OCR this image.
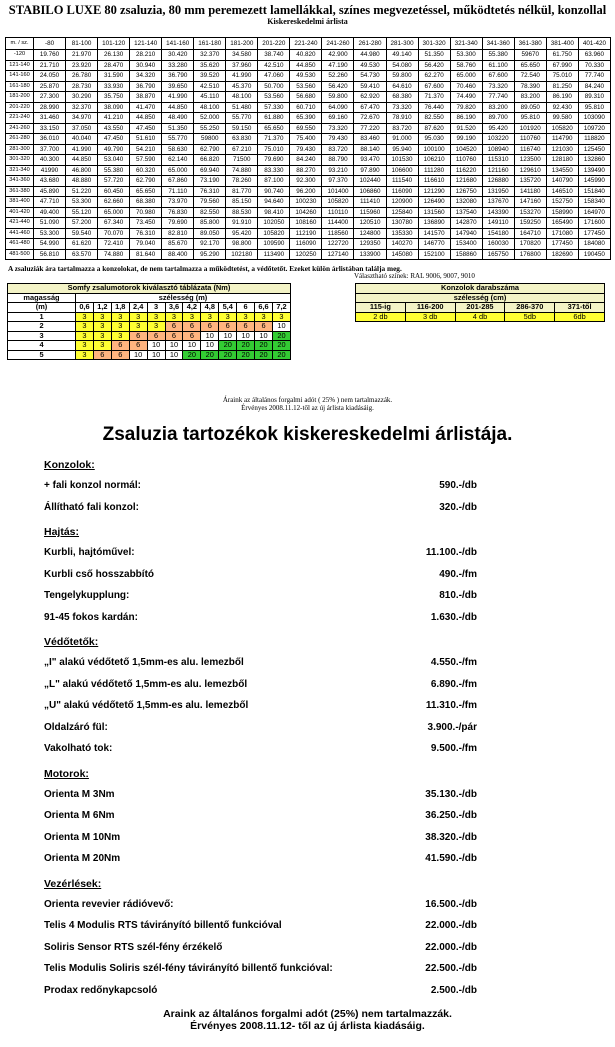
STABILO LUXE 80 zsaluzia, 80 mm peremezett lamellákkal, színes megvezetéssel, működtetés nélkül, konzollal
Kiskereskedelmi árlista
m. / sz.	-80	81-100	101-120	121-140	141-160	161-180	181-200	201-220	221-240	241-260	261-280	281-300	301-320	321-340	341-360	361-380	381-400	401-420
-120	19.760	21.970	26.130	28.210	30.420	32.370	34.580	38.740	40.820	42.900	44.980	49.140	51.350	53.300	55.380	59670	61.750	63.960
121-140	21.710	23.920	28.470	30.940	33.280	35.620	37.960	42.510	44.850	47.190	49.530	54.080	56.420	58.760	61.100	65.650	67.990	70.330
141-160	24.050	26.780	31.590	34.320	36.790	39.520	41.990	47.060	49.530	52.260	54.730	59.800	62.270	65.000	67.600	72.540	75.010	77.740
161-180	25.870	28.730	33.930	36.790	39.650	42.510	45.370	50.700	53.560	56.420	59.410	64.610	67.600	70.460	73.320	78.390	81.250	84.240
181-200	27.300	30.290	35.750	38.870	41.990	45.110	48.100	53.560	56.680	59.800	62.920	68.380	71.370	74.490	77.740	83.200	86.190	89.310
201-220	28.990	32.370	38.090	41.470	44.850	48.100	51.480	57.330	60.710	64.090	67.470	73.320	76.440	79.820	83.200	89.050	92.430	95.810
221-240	31.460	34.970	41.210	44.850	48.490	52.000	55.770	61.880	65.390	69.160	72.670	78.910	82.550	86.190	89.700	95.810	99.580	103090
241-260	33.150	37.050	43.550	47.450	51.350	55.250	59.150	65.650	69.550	73.320	77.220	83.720	87.620	91.520	95.420	101920	105820	109720
261-280	36.010	40.040	47.450	51.610	55.770	59800	63.830	71.370	75.400	79.430	83.460	91.000	95.030	99.190	103220	110760	114790	118820
281-300	37.700	41.990	49.790	54.210	58.630	62.790	67.210	75.010	79.430	83.720	88.140	95.940	100100	104520	108940	116740	121030	125450
301-320	40.300	44.850	53.040	57.590	62.140	66.820	71500	79.690	84.240	88.790	93.470	101530	106210	110760	115310	123500	128180	132860
321-340	41990	46.800	55.380	60.320	65.000	69.940	74.880	83.330	88.270	93.210	97.890	106600	111280	116220	121160	129610	134550	139490
341-360	43.680	48.880	57.720	62.790	67.860	73.190	78.260	87.100	92.300	97.370	102440	111540	116610	121680	126880	135720	140790	145990
361-380	45.890	51.220	60.450	65.650	71.110	76.310	81.770	90.740	96.200	101400	106860	116090	121290	126750	131950	141180	146510	151840
381-400	47.710	53.300	62.660	68.380	73.970	79.560	85.150	94.640	100230	105820	111410	120900	126490	132080	137670	147160	152750	158340
401-420	49.400	55.120	65.000	70.980	76.830	82.550	88.530	98.410	104260	110110	115960	125840	131560	137540	143390	153270	158990	164970
421-440	51.090	57.200	67.340	73.450	79.690	85.800	91.910	102050	108160	114400	120510	130780	136890	142870	149110	159250	165490	171600
441-460	53.300	59.540	70.070	76.310	82.810	89.050	95.420	105820	112190	118560	124800	135330	141570	147940	154180	164710	171080	177450
461-480	54.990	61.620	72.410	79.040	85.670	92.170	98.800	109590	116090	122720	129350	140270	146770	153400	160030	170820	177450	184080
481-500	56.810	63.570	74.880	81.640	88.400	95.290	102180	113490	120250	127140	133900	145080	152100	158860	165750	176800	182690	190450
A zsaluziák ára tartalmazza a konzolokat, de nem tartalmazza a működtetést, a védőtetőt. Ezeket külön árlistában találja meg.
Választható színek: RAL 9006, 9007, 9010
Somfy zsalumotorok kiválasztó táblázata (Nm)												
magasság	szélesség (m)											
(m)	0,6	1,2	1,8	2,4	3	3,6	4,2	4,8	5,4	6	6,6	7,2
1	3	3	3	3	3	3	3	3	3	3	3	3
2	3	3	3	3	3	6	6	6	6	6	6	10
3	3	3	3	6	6	6	6	10	10	10	10	20
4	3	3	6	6	10	10	10	10	20	20	20	20
5	3	6	6	10	10	10	20	20	20	20	20	20
Konzolok darabszáma				
szélesség (cm)				
115-ig	116-200	201-285	286-370	371-től
2 db	3 db	4 db	5db	6db
Áraink az általános forgalmi adót ( 25% ) nem tartalmazzák.
Érvényes 2008.11.12-től az új árlista kiadásáig.
Zsaluzia tartozékok kiskereskedelmi árlistája.
Konzolok:
+ fali konzol normál:	590.-/db
Állítható fali konzol:	320.-/db
Hajtás:
Kurbli, hajtóművel:	11.100.-/db
Kurbli cső hosszabbító	490.-/fm
Tengelykupplung:	810.-/db
91-45 fokos kardán:	1.630.-/db
Védőtetők:
„I" alakú védőtető 1,5mm-es alu. lemezből	4.550.-/fm
„L" alakú védőtető 1,5mm-es alu. lemezből	6.890.-/fm
„U" alakú védőtető 1,5mm-es alu. lemezből	11.310.-/fm
Oldalzáró fül:	3.900.-/pár
Vakolható tok:	9.500.-/fm
Motorok:
Orienta M 3Nm	35.130.-/db
Orienta M 6Nm	36.250.-/db
Orienta M 10Nm	38.320.-/db
Orienta M 20Nm	41.590.-/db
Vezérlések:
Orienta revevier rádióvevő:	16.500.-/db
Telis 4 Modulis RTS távirányító billentő funkcióval	22.000.-/db
Soliris Sensor RTS szél-fény érzékelő	22.000.-/db
Telis Modulis Soliris szél-fény távirányító billentő funkcióval:	22.500.-/db
Prodax redőnykapcsoló	2.500.-/db
Araink az általános forgalmi adót (25%) nem tartalmazzák.
Érvényes 2008.11.12- től az új árlista kiadásáig.
